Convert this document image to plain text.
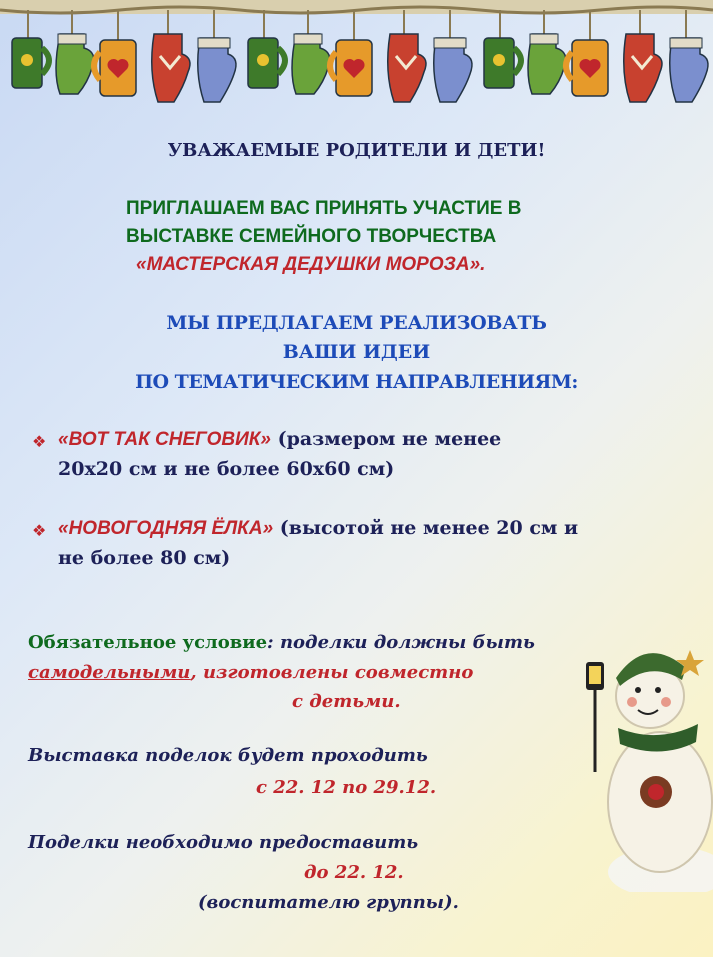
УВАЖАЕМЫЕ РОДИТЕЛИ И ДЕТИ!

ПРИГЛАШАЕМ ВАС ПРИНЯТЬ УЧАСТИЕ В

ВЫСТАВКЕ СЕМЕЙНОГО ТВОРЧЕСТВА

«МАСТЕРСКАЯ ДЕДУШКИ МОРОЗА».

МЫ ПРЕДЛАГАЕМ РЕАЛИЗОВАТЬ

ВАШИ ИДЕИ

ПО ТЕМАТИЧЕСКИМ НАПРАВЛЕНИЯМ:

❖ «ВОТ ТАК СНЕГОВИК» (размером не менее

20х20 см и не более 60х60 см)

❖ «НОВОГОДНЯЯ ЁЛКА» (высотой не менее 20 см и

не более 80 см)

Обязательное условие: поделки должны быть

самодельными, изготовлены совместно

с детьми.

Выставка поделок будет проходить

с 22. 12 по 29.12.

Поделки необходимо предоставить

до 22. 12.

(воспитателю группы).
